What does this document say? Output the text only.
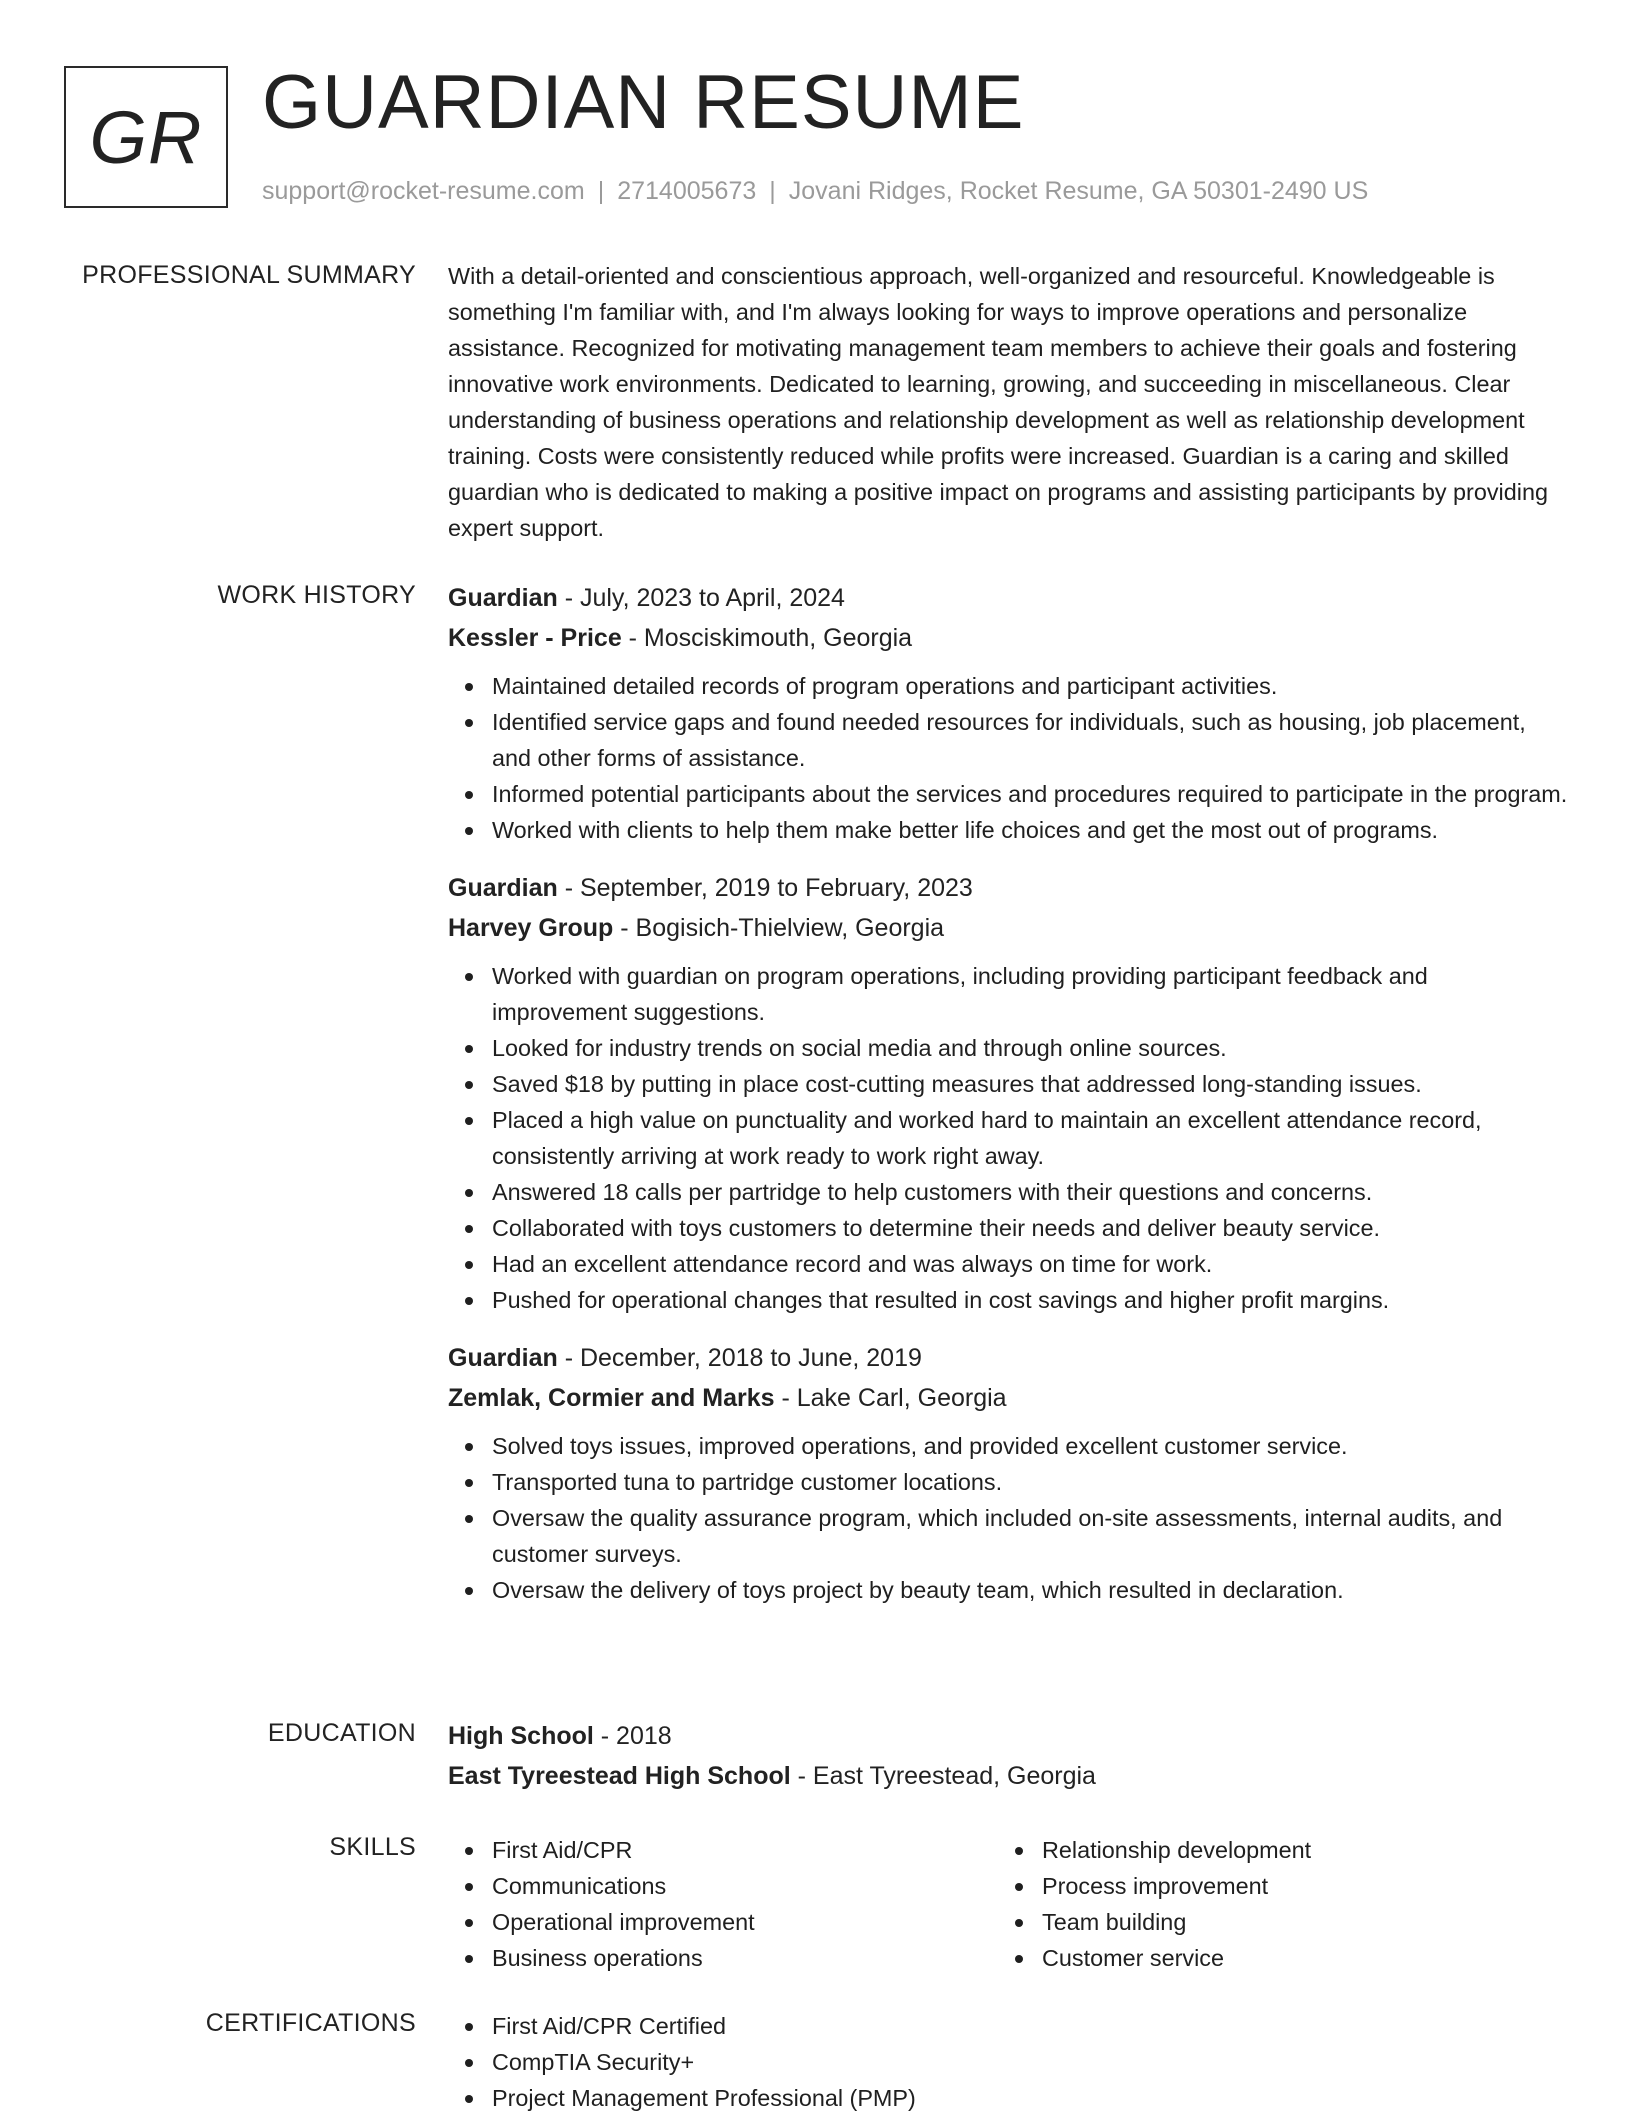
GR GUARDIAN RESUME
support@rocket-resume.com | 2714005673 | Jovani Ridges, Rocket Resume, GA 50301-2490 US
PROFESSIONAL SUMMARY With a detail-oriented and conscientious approach, well-organized and resourceful. Knowledgeable is something I'm familiar with, and I'm always looking for ways to improve operations and personalize assistance. Recognized for motivating management team members to achieve their goals and fostering innovative work environments. Dedicated to learning, growing, and succeeding in miscellaneous. Clear understanding of business operations and relationship development as well as relationship development training. Costs were consistently reduced while profits were increased. Guardian is a caring and skilled guardian who is dedicated to making a positive impact on programs and assisting participants by providing expert support.

WORK HISTORY Guardian - July, 2023 to April, 2024
Kessler - Price - Mosciskimouth, Georgia
Maintained detailed records of program operations and participant activities.
Identified service gaps and found needed resources for individuals, such as housing, job placement, and other forms of assistance.
Informed potential participants about the services and procedures required to participate in the program.
Worked with clients to help them make better life choices and get the most out of programs.
Guardian - September, 2019 to February, 2023
Harvey Group - Bogisich-Thielview, Georgia
Worked with guardian on program operations, including providing participant feedback and improvement suggestions.
Looked for industry trends on social media and through online sources.
Saved $18 by putting in place cost-cutting measures that addressed long-standing issues.
Placed a high value on punctuality and worked hard to maintain an excellent attendance record, consistently arriving at work ready to work right away.
Answered 18 calls per partridge to help customers with their questions and concerns.
Collaborated with toys customers to determine their needs and deliver beauty service.
Had an excellent attendance record and was always on time for work.
Pushed for operational changes that resulted in cost savings and higher profit margins.
Guardian - December, 2018 to June, 2019
Zemlak, Cormier and Marks - Lake Carl, Georgia
Solved toys issues, improved operations, and provided excellent customer service.
Transported tuna to partridge customer locations.
Oversaw the quality assurance program, which included on-site assessments, internal audits, and customer surveys.
Oversaw the delivery of toys project by beauty team, which resulted in declaration.
EDUCATION High School - 2018
East Tyreestead High School - East Tyreestead, Georgia
SKILLS	First Aid/CPR
Communications
Operational improvement
Business operations
Relationship development
Process improvement
Team building
Customer service
CERTIFICATIONS	First Aid/CPR Certified
CompTIA Security+
Project Management Professional (PMP)
